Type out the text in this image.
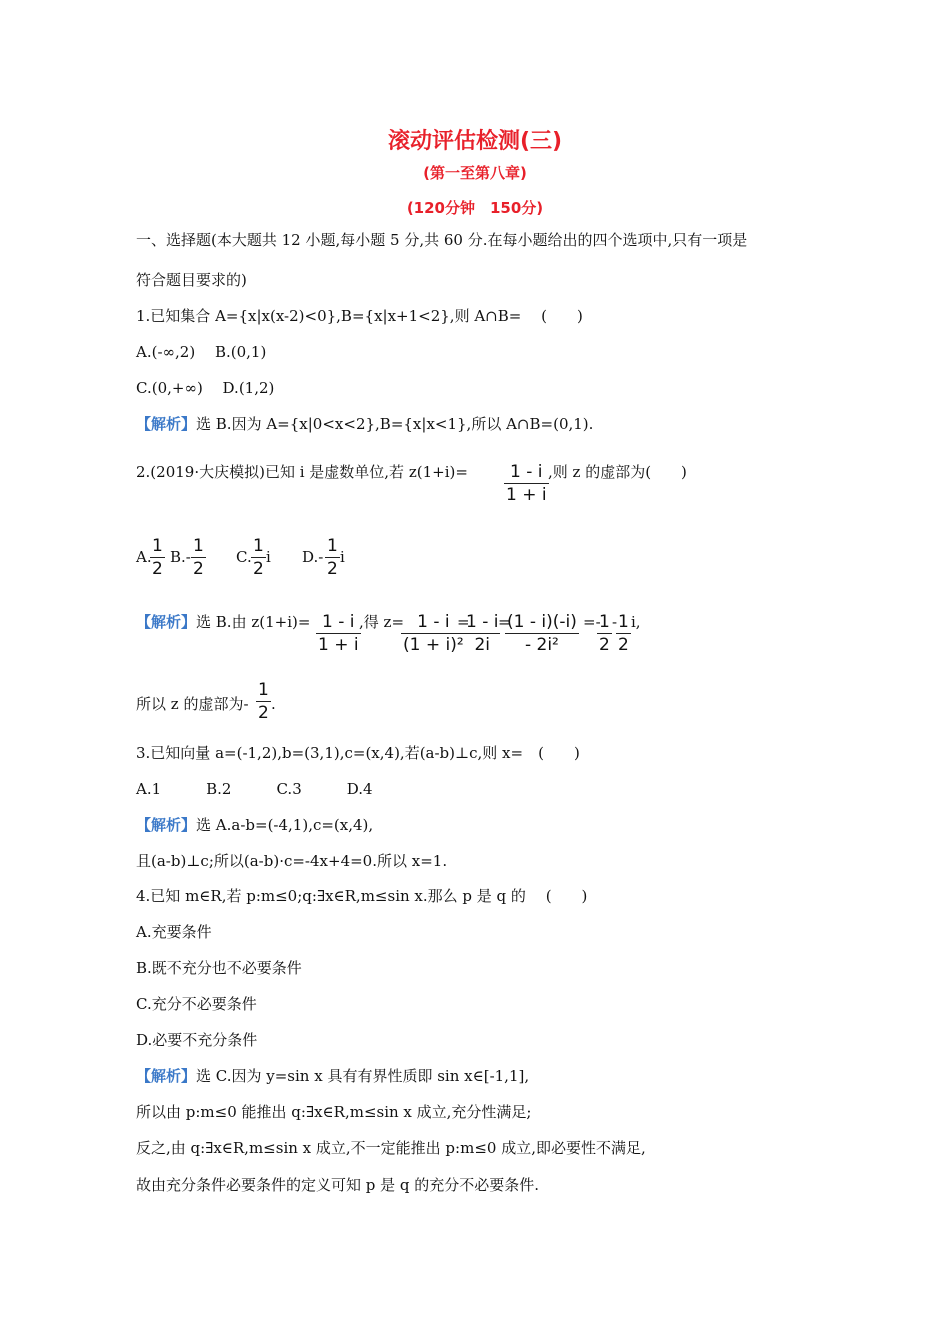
滚动评估检测(三)
(第一至第八章)
(120分钟　150分)
一、选择题(本大题共 12 小题,每小题 5 分,共 60 分.在每小题给出的四个选项中,只有一项是
符合题目要求的)
1.已知集合 A={x|x(x-2)<0},B={x|x+1<2},则 A∩B=　 (　　)
A.(-∞,2)　 B.(0,1)
C.(0,+∞)　 D.(1,2)
【解析】选 B.因为 A={x|0<x<2},B={x|x<1},所以 A∩B=(0,1).
2.(2019·大庆模拟)已知 i 是虚数单位,若 z(1+i)=	1 - i
1 + i
,则 z 的虚部为(　　)
A.
1
2
B.-
1
2
C.
1
2
i D.-
1
2
i
【解析】选 B.由 z(1+i)= 1 - i
1 + i
,得 z= 1 - i
(1 + i)²
=
1 - i
2i
=
(1 - i)(-i)
- 2i²
=-
1
2
- 1
2
i,
所以 z 的虚部为-
1
2 .
3.已知向量 a=(-1,2),b=(3,1),c=(x,4),若(a-b)⊥c,则 x=　(　　)
A.1　　　B.2　　　C.3　　　D.4
【解析】选 A.a-b=(-4,1),c=(x,4),
且(a-b)⊥c;所以(a-b)·c=-4x+4=0.所以 x=1.
4.已知 m∈R,若 p:m≤0;q:∃x∈R,m≤sin x.那么 p 是 q 的　 (　　)
A.充要条件
B.既不充分也不必要条件
C.充分不必要条件
D.必要不充分条件
【解析】选 C.因为 y=sin x 具有有界性质即 sin x∈[-1,1],
所以由 p:m≤0 能推出 q:∃x∈R,m≤sin x 成立,充分性满足;
反之,由 q:∃x∈R,m≤sin x 成立,不一定能推出 p:m≤0 成立,即必要性不满足,
故由充分条件必要条件的定义可知 p 是 q 的充分不必要条件.
